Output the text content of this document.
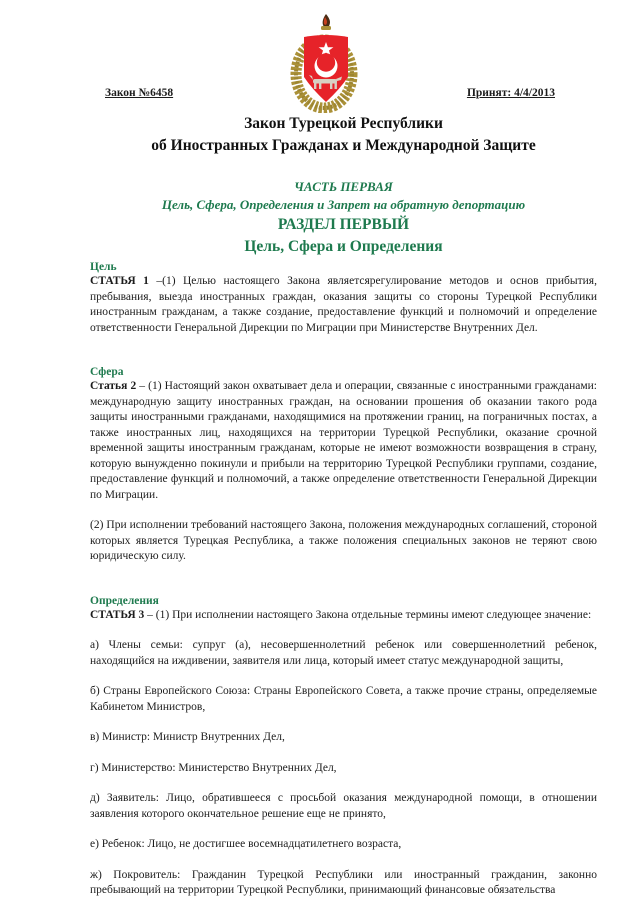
Закон №6458	Принят: 4/4/2013
Закон Турецкой Республики
об Иностранных Гражданах и Международной Защите
ЧАСТЬ ПЕРВАЯ
Цель, Сфера, Определения и Запрет на обратную депортацию
РАЗДЕЛ ПЕРВЫЙ
Цель, Сфера и Определения
Цель

СТАТЬЯ 1 –(1) Целью настоящего Закона являетсярегулирование методов и основ прибытия, пребывания, выезда иностранных граждан, оказания защиты со стороны Турецкой Республики иностранным гражданам, а также создание, предоставление функций и полномочий и определение ответственности Генеральной Дирекции по Миграции при Министерстве Внутренних Дел.

Сфера

Статья 2 – (1) Настоящий закон охватывает дела и операции, связанные с иностранными гражданами: международную защиту иностранных граждан, на основании прошения об оказании такого рода защиты иностранными гражданами, находящимися на протяжении границ, на пограничных постах, а также иностранных лиц, находящихся на территории Турецкой Республики, оказание срочной временной защиты иностранным гражданам, которые не имеют возможности возвращения в страну, которую вынужденно покинули и прибыли на территорию Турецкой Республики группами, создание, предоставление функций и полномочий, а также определение ответственности Генеральной Дирекции по Миграции.

(2) При исполнении требований настоящего Закона, положения международных соглашений, стороной которых является Турецкая Республика, а также положения специальных законов не теряют свою юридическую силу.

Определения

СТАТЬЯ 3 – (1) При исполнении настоящего Закона отдельные термины имеют следующее значение:

а) Члены семьи: супруг (а), несовершеннолетний ребенок или совершеннолетний ребенок, находящийся на иждивении, заявителя или лица, который имеет статус международной защиты,

б) Страны Европейского Союза: Страны Европейского Совета, а также прочие страны, определяемые Кабинетом Министров,

в) Министр: Министр Внутренних Дел,

г) Министерство: Министерство Внутренних Дел,

д) Заявитель: Лицо, обратившееся с просьбой оказания международной помощи, в отношении заявления которого окончательное решение еще не принято,

е) Ребенок: Лицо, не достигшее восемнадцатилетнего возраста,

ж) Покровитель: Гражданин Турецкой Республики или иностранный гражданин, законно пребывающий на территории Турецкой Республики, принимающий финансовые обязательства
